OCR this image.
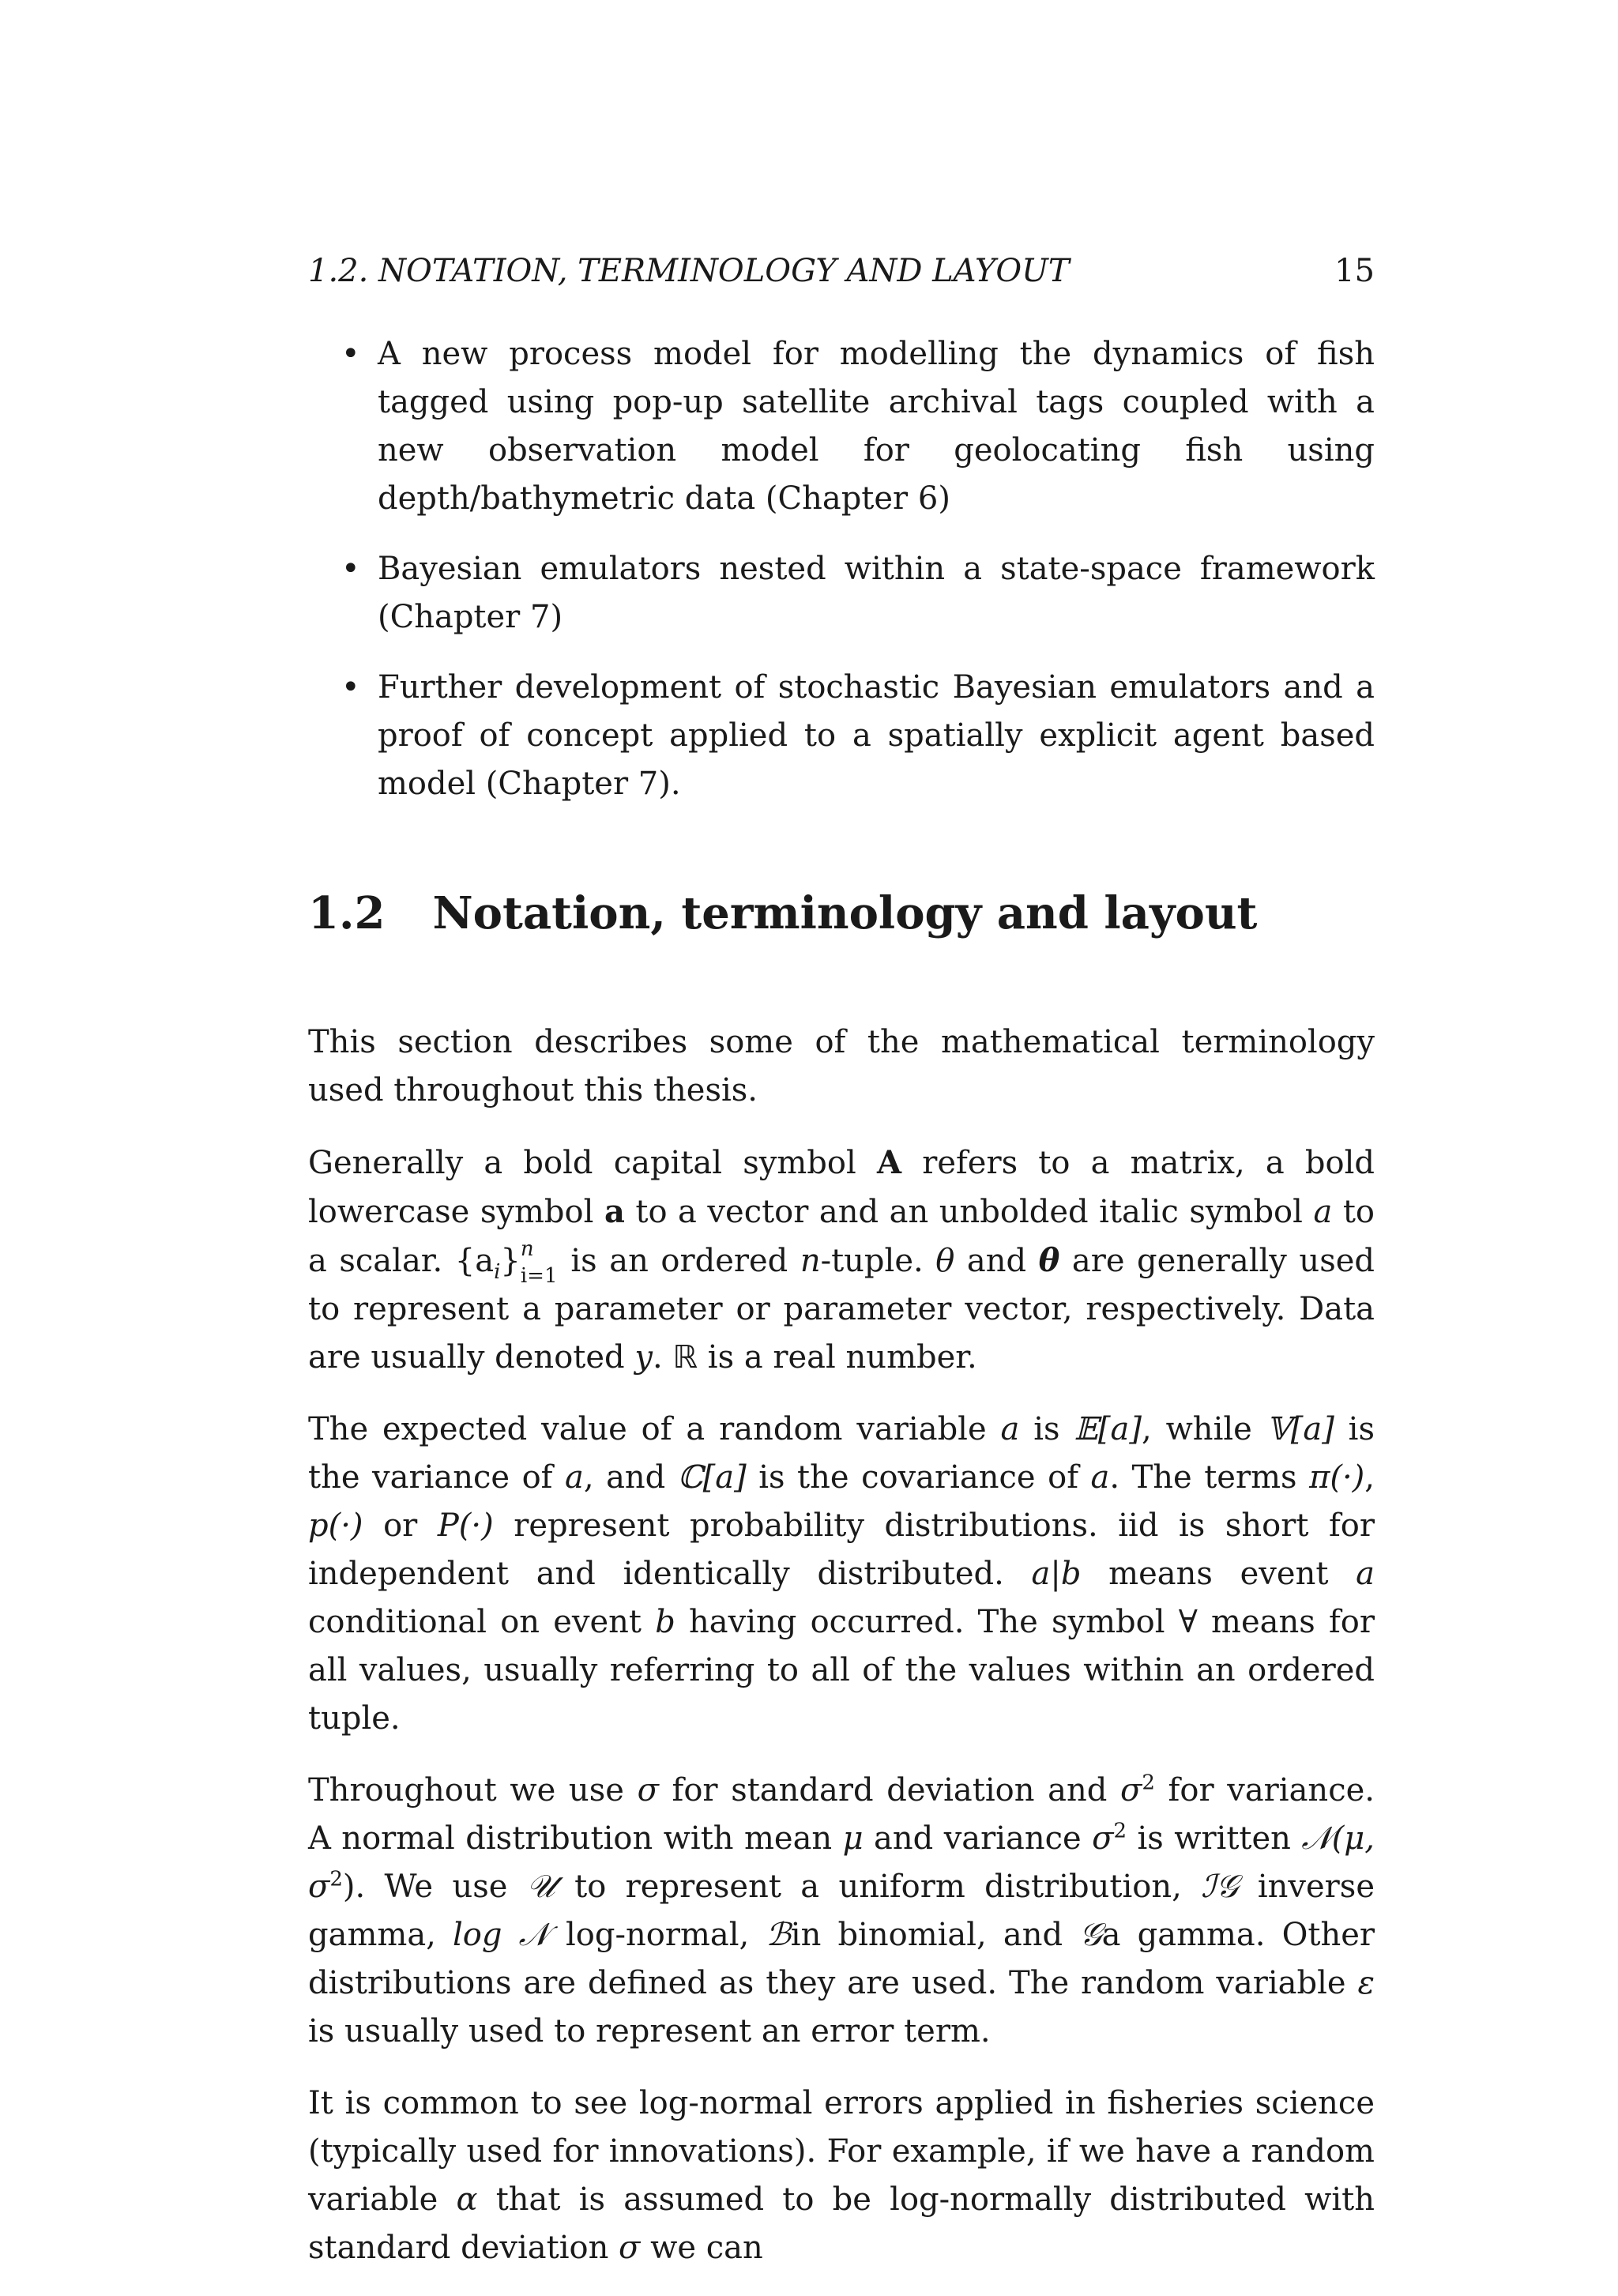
1.2. NOTATION, TERMINOLOGY AND LAYOUT	15
• A new process model for modelling the dynamics of fish tagged using pop-up satellite archival tags coupled with a new observation model for geolocating fish using depth/bathymetric data (Chapter 6)
• Bayesian emulators nested within a state-space framework (Chapter 7)
• Further development of stochastic Bayesian emulators and a proof of concept applied to a spatially explicit agent based model (Chapter 7).
1.2 Notation, terminology and layout

This section describes some of the mathematical terminology used throughout this thesis.

Generally a bold capital symbol A refers to a matrix, a bold lowercase symbol a to a vector and an unbolded italic symbol a to a scalar. $\{a_i\}$ n
i=1 is an ordered n-tuple. θ and θ are generally used to represent a parameter or parameter vector, respectively. Data are usually denoted y. ℝ is a real number.

The expected value of a random variable a is 𝔼[a], while 𝕍[a] is the variance of a, and ℂ[a] is the covariance of a. The terms π(·), p(·) or P(·) represent probability distributions. iid is short for independent and identically distributed. a|b means event a conditional on event b having occurred. The symbol ∀ means for all values, usually referring to all of the values within an ordered tuple.

Throughout we use σ for standard deviation and $\sigma^2$ for variance. A normal distribution with mean μ and variance $\sigma^2$ is written 𝒩(μ, $\sigma^2$). We use 𝒰 to represent a uniform distribution, ℐ𝒢 inverse gamma, log 𝒩 log-normal, ℬin binomial, and 𝒢a gamma. Other distributions are defined as they are used. The random variable ε is usually used to represent an error term.

It is common to see log-normal errors applied in fisheries science (typically used for innovations). For example, if we have a random variable α that is assumed to be log-normally distributed with standard deviation σ we can
